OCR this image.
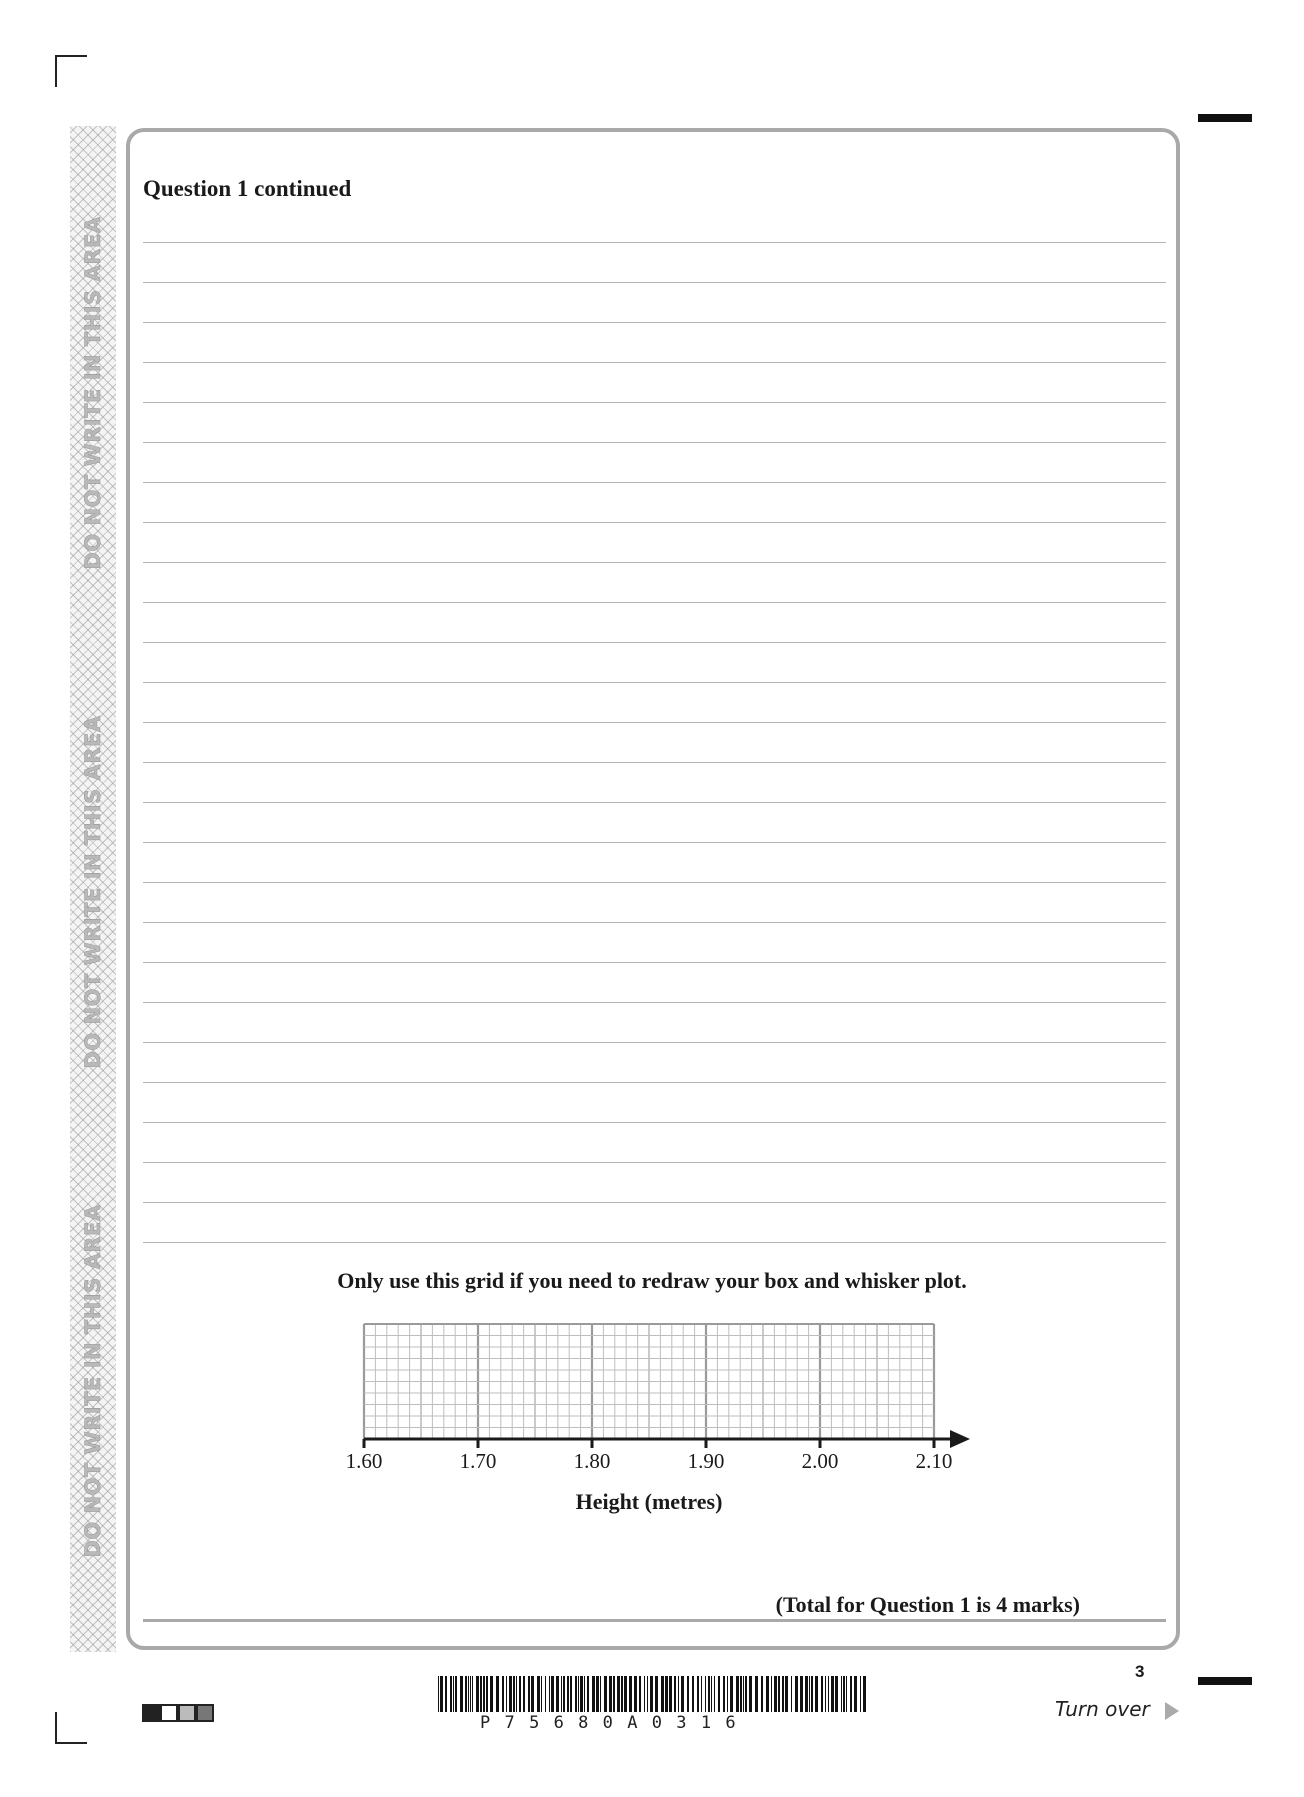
DO NOT WRITE IN THIS AREA
DO NOT WRITE IN THIS AREA
DO NOT WRITE IN THIS AREA
Question 1 continued
Only use this grid if you need to redraw your box and whisker plot.
1.60	1.70	1.80	1.90	2.00	2.10
Height (metres)
(Total for Question 1 is 4 marks)
P75680A0316
3
Turn over
